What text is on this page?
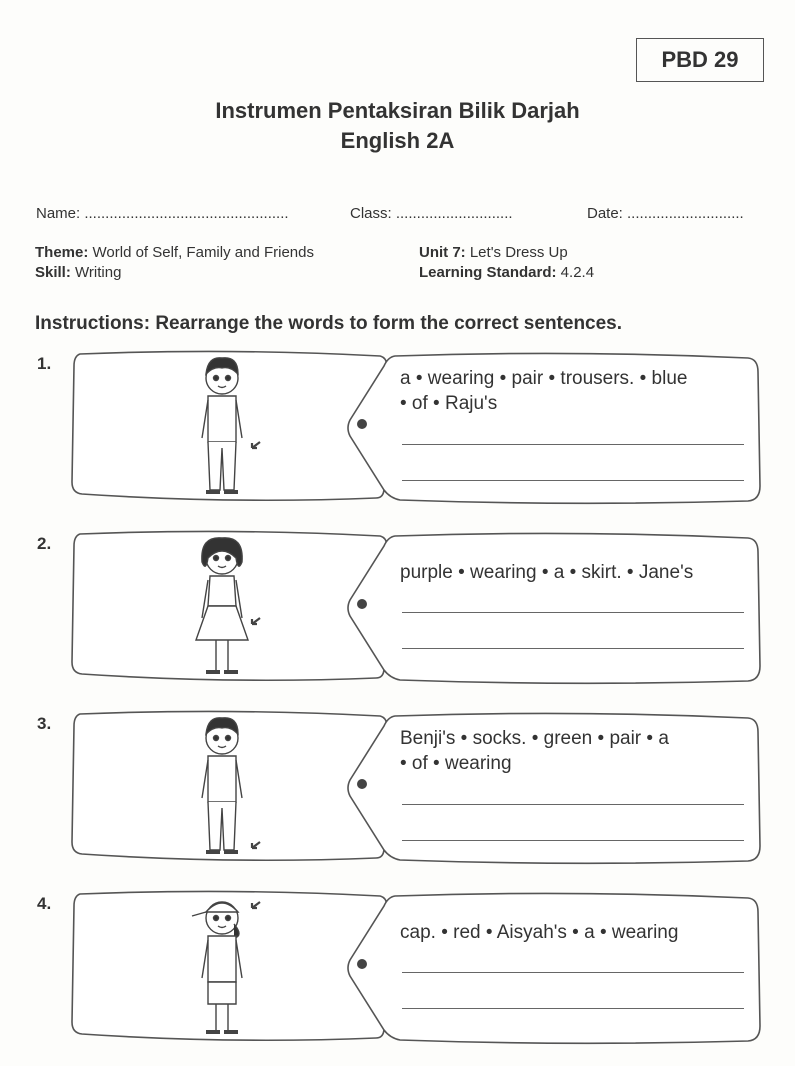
PBD 29
Instrumen Pentaksiran Bilik Darjah
English 2A
Name: .................................................	Class: ............................	Date: ............................
Theme: World of Self, Family and Friends
Skill: Writing
Unit 7: Let's Dress Up
Learning Standard: 4.2.4
Instructions: Rearrange the words to form the correct sentences.
1.
a • wearing • pair • trousers. • blue
• of • Raju's
2.
purple • wearing • a • skirt. • Jane's
3.
Benji's • socks. • green • pair • a
• of • wearing
4.
cap. • red • Aisyah's • a • wearing
